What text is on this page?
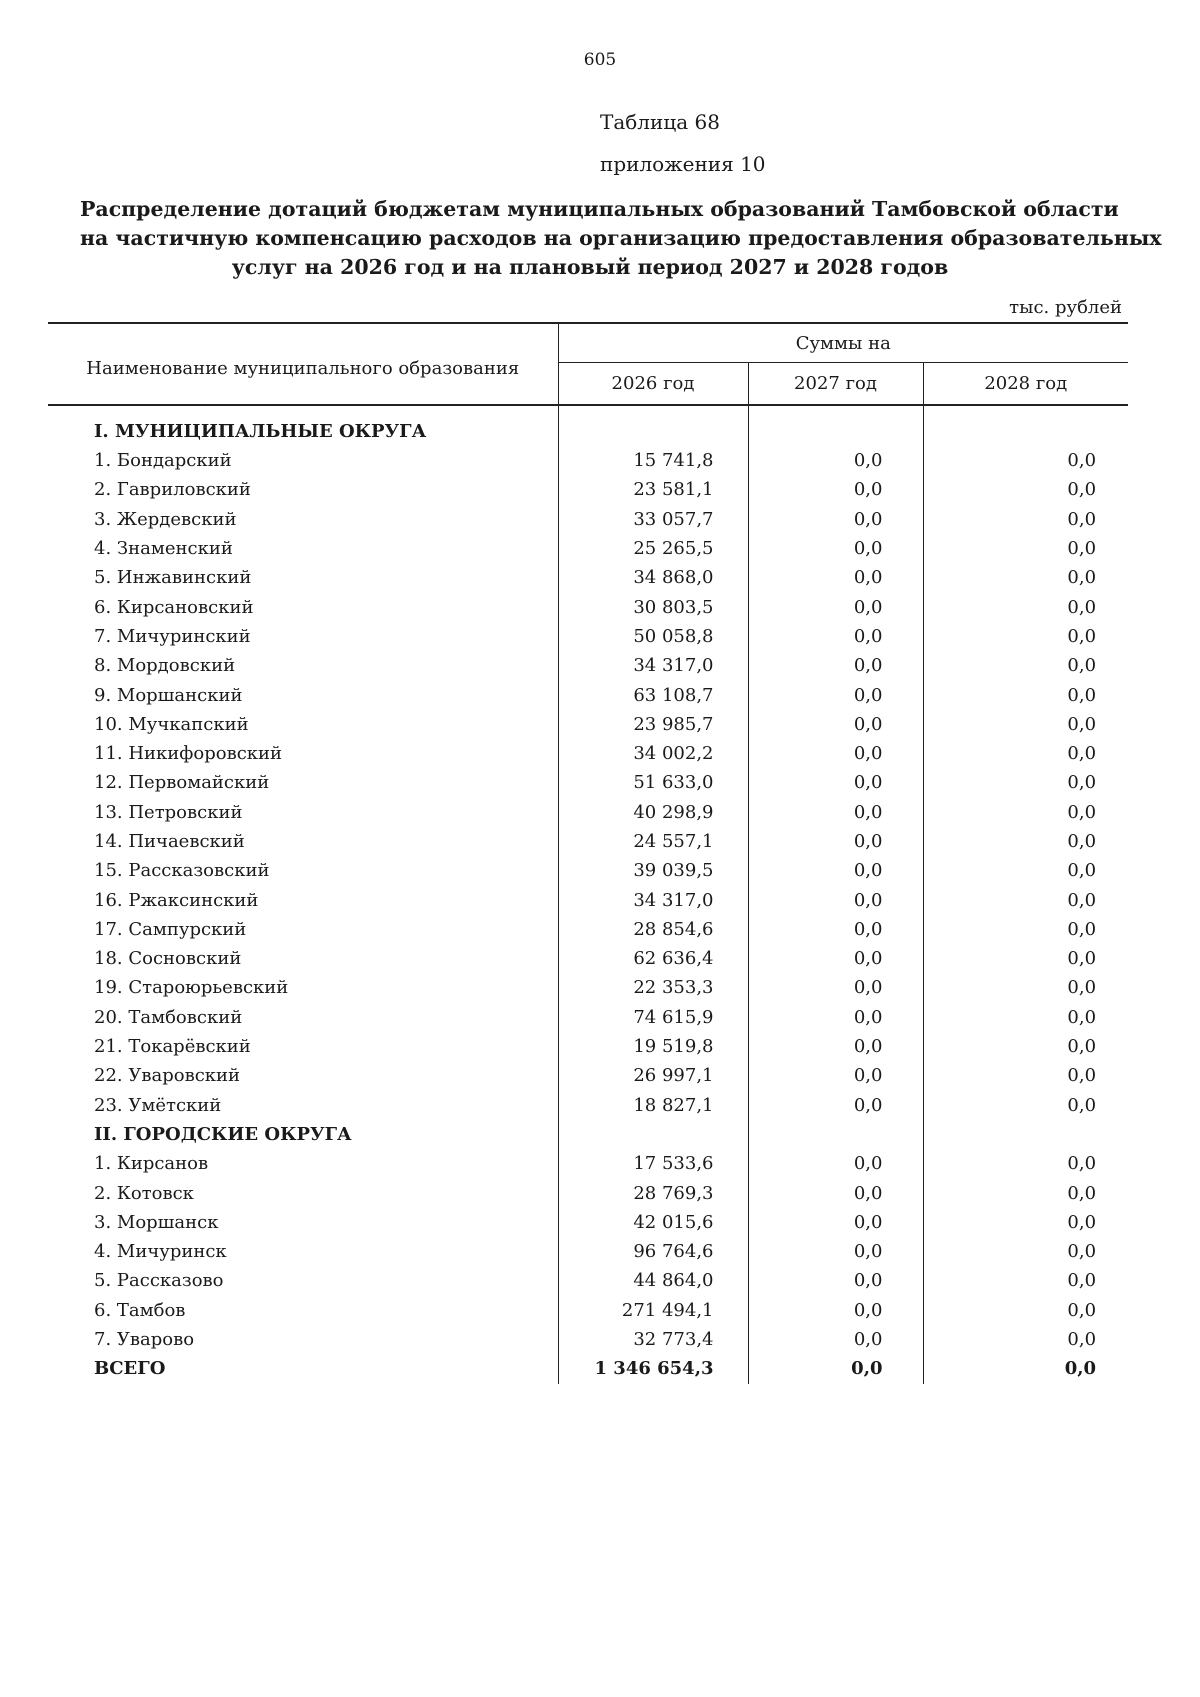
605
Таблица 68
приложения 10
Распределение дотаций бюджетам муниципальных образований Тамбовской области
на частичную компенсацию расходов на организацию предоставления образовательных
услуг на 2026 год и на плановый период 2027 и 2028 годов
тыс. рублей
Наименование муниципального образования	Суммы на		
	2026 год	2027 год	2028 год
I. МУНИЦИПАЛЬНЫЕ ОКРУГА			
1. Бондарский	15 741,8	0,0	0,0
2. Гавриловский	23 581,1	0,0	0,0
3. Жердевский	33 057,7	0,0	0,0
4. Знаменский	25 265,5	0,0	0,0
5. Инжавинский	34 868,0	0,0	0,0
6. Кирсановский	30 803,5	0,0	0,0
7. Мичуринский	50 058,8	0,0	0,0
8. Мордовский	34 317,0	0,0	0,0
9. Моршанский	63 108,7	0,0	0,0
10. Мучкапский	23 985,7	0,0	0,0
11. Никифоровский	34 002,2	0,0	0,0
12. Первомайский	51 633,0	0,0	0,0
13. Петровский	40 298,9	0,0	0,0
14. Пичаевский	24 557,1	0,0	0,0
15. Рассказовский	39 039,5	0,0	0,0
16. Ржаксинский	34 317,0	0,0	0,0
17. Сампурский	28 854,6	0,0	0,0
18. Сосновский	62 636,4	0,0	0,0
19. Староюрьевский	22 353,3	0,0	0,0
20. Тамбовский	74 615,9	0,0	0,0
21. Токарёвский	19 519,8	0,0	0,0
22. Уваровский	26 997,1	0,0	0,0
23. Умётский	18 827,1	0,0	0,0
II. ГОРОДСКИЕ ОКРУГА			
1. Кирсанов	17 533,6	0,0	0,0
2. Котовск	28 769,3	0,0	0,0
3. Моршанск	42 015,6	0,0	0,0
4. Мичуринск	96 764,6	0,0	0,0
5. Рассказово	44 864,0	0,0	0,0
6. Тамбов	271 494,1	0,0	0,0
7. Уварово	32 773,4	0,0	0,0
ВСЕГО	1 346 654,3	0,0	0,0
